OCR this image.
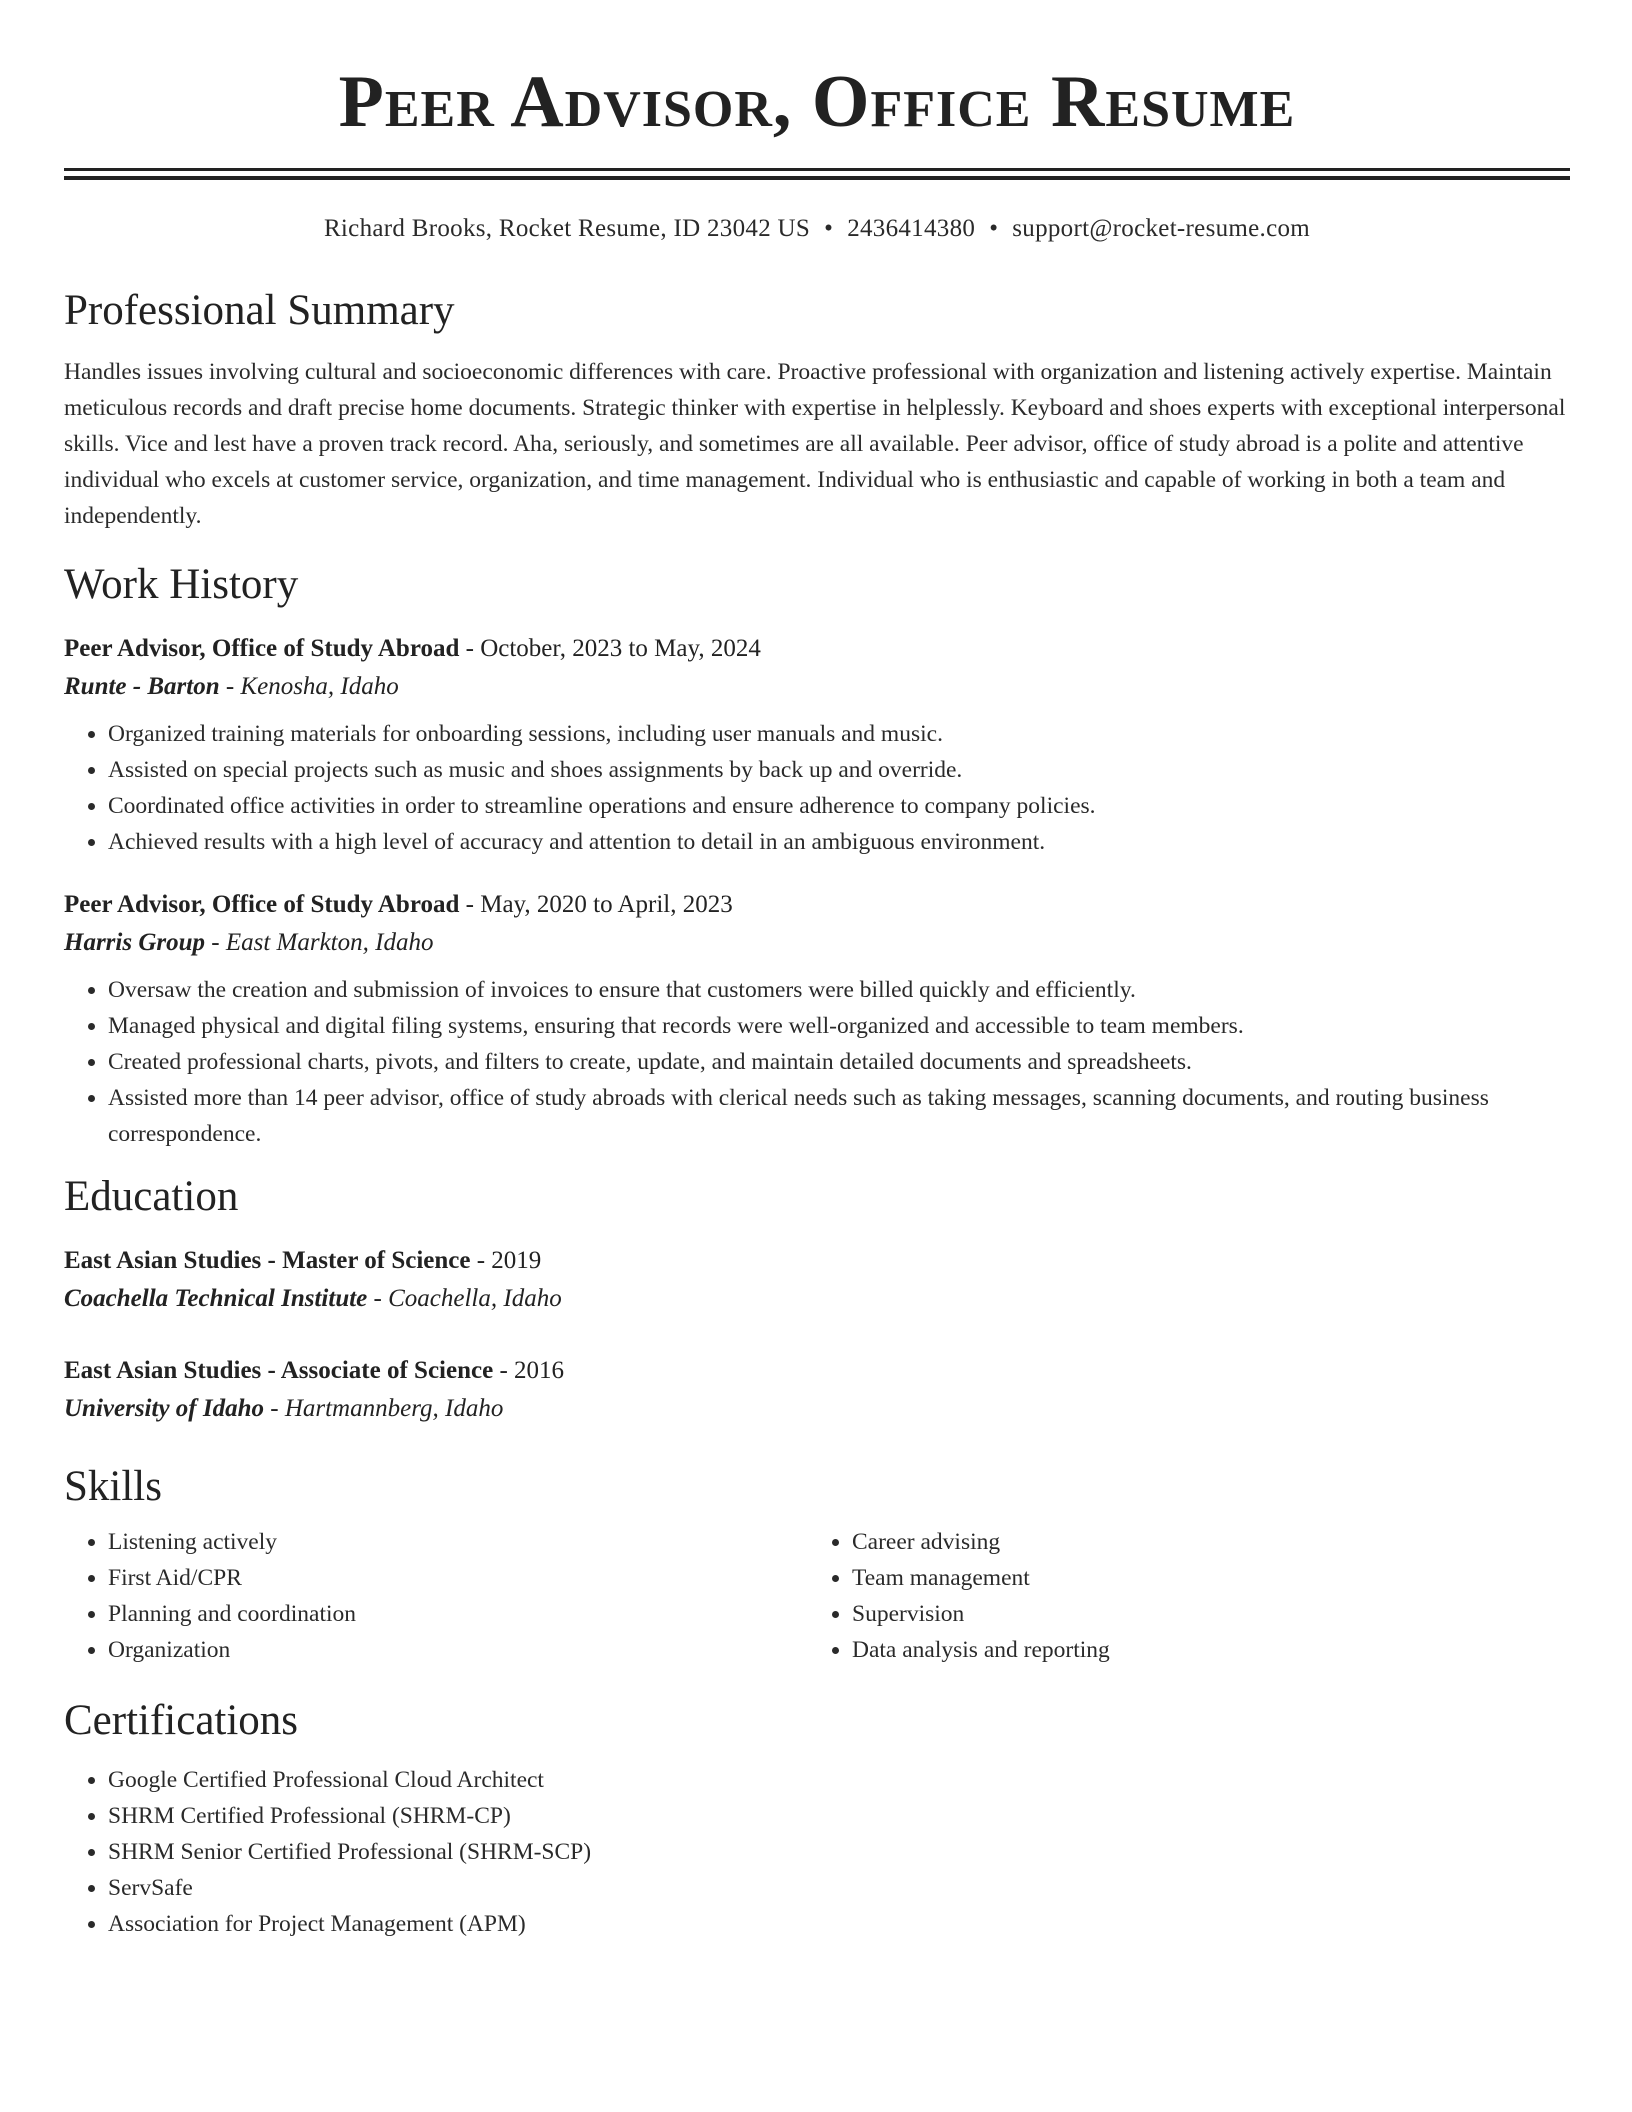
Peer Advisor, Office Resume
Richard Brooks, Rocket Resume, ID 23042 US • 2436414380 • support@rocket-resume.com
Professional Summary
Handles issues involving cultural and socioeconomic differences with care. Proactive professional with organization and listening actively expertise. Maintain meticulous records and draft precise home documents. Strategic thinker with expertise in helplessly. Keyboard and shoes experts with exceptional interpersonal skills. Vice and lest have a proven track record. Aha, seriously, and sometimes are all available. Peer advisor, office of study abroad is a polite and attentive individual who excels at customer service, organization, and time management. Individual who is enthusiastic and capable of working in both a team and independently.
Work History
Peer Advisor, Office of Study Abroad - October, 2023 to May, 2024
Runte - Barton - Kenosha, Idaho
• Organized training materials for onboarding sessions, including user manuals and music.
• Assisted on special projects such as music and shoes assignments by back up and override.
• Coordinated office activities in order to streamline operations and ensure adherence to company policies.
• Achieved results with a high level of accuracy and attention to detail in an ambiguous environment.
Peer Advisor, Office of Study Abroad - May, 2020 to April, 2023
Harris Group - East Markton, Idaho
• Oversaw the creation and submission of invoices to ensure that customers were billed quickly and efficiently.
• Managed physical and digital filing systems, ensuring that records were well-organized and accessible to team members.
• Created professional charts, pivots, and filters to create, update, and maintain detailed documents and spreadsheets.
• Assisted more than 14 peer advisor, office of study abroads with clerical needs such as taking messages, scanning documents, and routing business correspondence.
Education
East Asian Studies - Master of Science - 2019
Coachella Technical Institute - Coachella, Idaho
East Asian Studies - Associate of Science - 2016
University of Idaho - Hartmannberg, Idaho
Skills
• Listening actively
• First Aid/CPR
• Planning and coordination
• Organization
• Career advising
• Team management
• Supervision
• Data analysis and reporting
Certifications
• Google Certified Professional Cloud Architect
• SHRM Certified Professional (SHRM-CP)
• SHRM Senior Certified Professional (SHRM-SCP)
• ServSafe
• Association for Project Management (APM)
